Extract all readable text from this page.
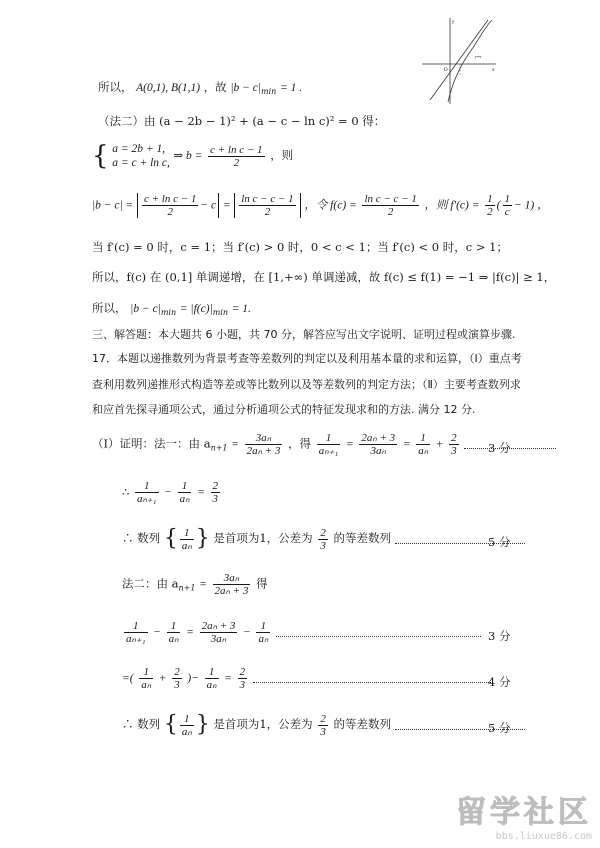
y
x
O
y=x
所以， A(0,1), B(1,1) ，故 $|b - c|_{min} = 1$ .
（法二）由 (a − 2b − 1)² + (a − c − ln c)² = 0 得：
{ a = 2b + 1,
a = c + ln c,
⇒ $b = \frac{\text{c + ln c − 1}}{2}$ ，则
$|b - c| = \frac{\text{c + ln c − 1}}{2} - c = \frac{\text{ln c − c − 1}}{2}$ ，令 $f(c) = \frac{\text{ln c − c − 1}}{2}$ ，则 $f'(c) = \frac{1}{2}$ ( $\frac{1}{c} - 1$) ，
当 f′(c) = 0 时，c = 1；当 f′(c) > 0 时，0 < c < 1；当 f′(c) < 0 时，c > 1；
所以，f(c) 在 (0,1] 单调递增，在 [1,+∞) 单调递减，故 f(c) ≤ f(1) = −1 ⇒ |f(c)| ≥ 1，
所以， $|b - c|_{min} = |f(c)|_{min} = 1$.
三、解答题：本大题共 6 小题，共 70 分，解答应写出文字说明、证明过程或演算步骤.
17．本题以递推数列为背景考查等差数列的判定以及利用基本量的求和运算，（Ⅰ）重点考
查利用数列递推形式构造等差或等比数列以及等差数列的判定方法；（Ⅱ）主要考查数列求
和应首先探寻通项公式，通过分析通项公式的特征发现求和的方法. 满分 12 分.
（Ⅰ）证明：法一：由 $a_{n+1} = \frac{\text{3aₙ}}{\text{2aₙ + 3}}$ ，得 $\frac{1}{\text{aₙ₊₁}} = \frac{\text{2aₙ + 3}}{\text{3aₙ}} = \frac{1}{\text{aₙ}} + \frac{2}{3}$
	3 分
∴ $\frac{1}{\text{aₙ₊₁}} - \frac{1}{\text{aₙ}} = \frac{2}{3}$
∴ 数列 { $\frac{1}{\text{aₙ}}$ } 是首项为1，公差为 $\frac{2}{3}$ 的等差数列	5 分
法二：由 $a_{n+1} = \frac{\text{3aₙ}}{\text{2aₙ + 3}}$ 得
$\frac{1}{\text{aₙ₊₁}} - \frac{1}{\text{aₙ}} = \frac{\text{2aₙ + 3}}{\text{3aₙ}} - \frac{1}{\text{aₙ}}$
	3 分
=( $\frac{1}{\text{aₙ}} + \frac{2}{3}$ )− $\frac{1}{\text{aₙ}} = \frac{2}{3}$
	4 分
∴ 数列 { $\frac{1}{\text{aₙ}}$ } 是首项为1，公差为 $\frac{2}{3}$ 的等差数列	5 分
留学社区
bbs.liuxue86.com
